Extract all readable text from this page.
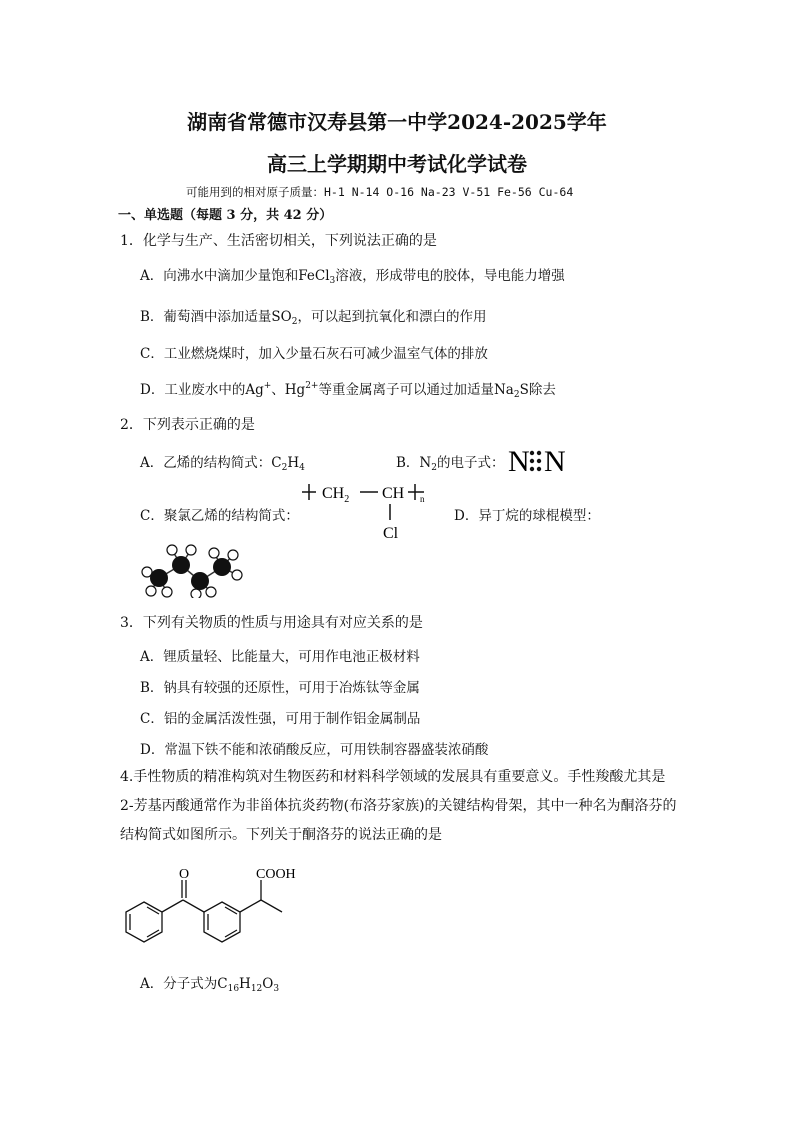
湖南省常德市汉寿县第一中学2024-2025学年
高三上学期期中考试化学试卷
可能用到的相对原子质量：H-1 N-14 O-16 Na-23 V-51 Fe-56 Cu-64
一、单选题（每题 3 分，共 42 分）
1．化学与生产、生活密切相关，下列说法正确的是
A．向沸水中滴加少量饱和FeCl$_3$溶液，形成带电的胶体，导电能力增强
B．葡萄酒中添加适量$SO_2$，可以起到抗氧化和漂白的作用
C．工业燃烧煤时，加入少量石灰石可减少温室气体的排放
D．工业废水中的Ag+、$Hg^{2+}$等重金属离子可以通过加适量$Na_2S$除去
2．下列表示正确的是
A．乙烯的结构简式：$C_2H_4$	B．$N_2$的电子式： N N
C．聚氯乙烯的结构简式：
$CH_2$ CH n
Cl
D．异丁烷的球棍模型：
3．下列有关物质的性质与用途具有对应关系的是
A．锂质量轻、比能量大，可用作电池正极材料
B．钠具有较强的还原性，可用于冶炼钛等金属
C．铝的金属活泼性强，可用于制作铝金属制品
D．常温下铁不能和浓硝酸反应，可用铁制容器盛装浓硝酸
4.手性物质的精准构筑对生物医药和材料科学领域的发展具有重要意义。手性羧酸尤其是 2-芳基丙酸通常作为非甾体抗炎药物(布洛芬家族)的关键结构骨架，其中一种名为酮洛芬的结构简式如图所示。下列关于酮洛芬的说法正确的是
O	COOH
A．分子式为$C_{16}H_{12}O_3$
